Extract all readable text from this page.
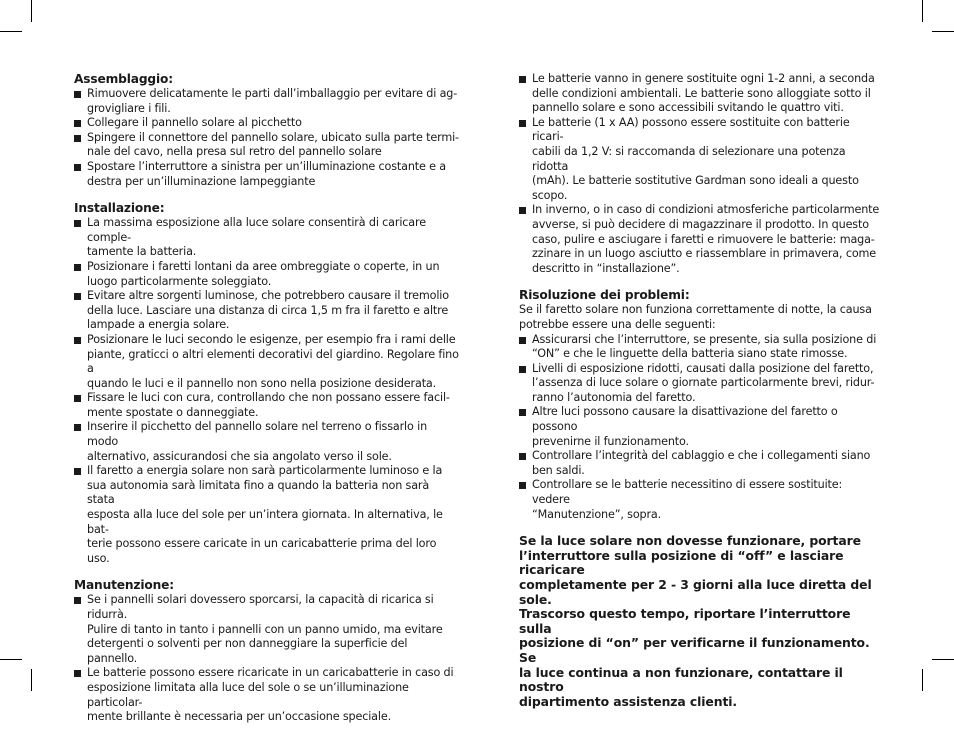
Assemblaggio:
Rimuovere delicatamente le parti dall’imballaggio per evitare di ag-
grovigliare i fili.
Collegare il pannello solare al picchetto
Spingere il connettore del pannello solare, ubicato sulla parte termi-
nale del cavo, nella presa sul retro del pannello solare
Spostare l’interruttore a sinistra per un’illuminazione costante e a
destra per un’illuminazione lampeggiante
Installazione:
La massima esposizione alla luce solare consentirà di caricare comple-
tamente la batteria.
Posizionare i faretti lontani da aree ombreggiate o coperte, in un
luogo particolarmente soleggiato.
Evitare altre sorgenti luminose, che potrebbero causare il tremolio
della luce. Lasciare una distanza di circa 1,5 m fra il faretto e altre
lampade a energia solare.
Posizionare le luci secondo le esigenze, per esempio fra i rami delle
piante, graticci o altri elementi decorativi del giardino. Regolare fino a
quando le luci e il pannello non sono nella posizione desiderata.
Fissare le luci con cura, controllando che non possano essere facil-
mente spostate o danneggiate.
Inserire il picchetto del pannello solare nel terreno o fissarlo in modo
alternativo, assicurandosi che sia angolato verso il sole.
Il faretto a energia solare non sarà particolarmente luminoso e la
sua autonomia sarà limitata fino a quando la batteria non sarà stata
esposta alla luce del sole per un’intera giornata. In alternativa, le bat-
terie possono essere caricate in un caricabatterie prima del loro uso.
Manutenzione:
Se i pannelli solari dovessero sporcarsi, la capacità di ricarica si ridurrà.
Pulire di tanto in tanto i pannelli con un panno umido, ma evitare
detergenti o solventi per non danneggiare la superficie del pannello.
Le batterie possono essere ricaricate in un caricabatterie in caso di
esposizione limitata alla luce del sole o se un’illuminazione particolar-
mente brillante è necessaria per un’occasione speciale.
Le batterie vanno in genere sostituite ogni 1-2 anni, a seconda
delle condizioni ambientali. Le batterie sono alloggiate sotto il
pannello solare e sono accessibili svitando le quattro viti.
Le batterie (1 x AA) possono essere sostituite con batterie ricari-
cabili da 1,2 V: si raccomanda di selezionare una potenza ridotta
(mAh). Le batterie sostitutive Gardman sono ideali a questo
scopo.
In inverno, o in caso di condizioni atmosferiche particolarmente
avverse, si può decidere di magazzinare il prodotto. In questo
caso, pulire e asciugare i faretti e rimuovere le batterie: maga-
zzinare in un luogo asciutto e riassemblare in primavera, come
descritto in “installazione”.
Risoluzione dei problemi:

Se il faretto solare non funziona correttamente di notte, la causa
potrebbe essere una delle seguenti:

Assicurarsi che l’interruttore, se presente, sia sulla posizione di
“ON” e che le linguette della batteria siano state rimosse.
Livelli di esposizione ridotti, causati dalla posizione del faretto,
l’assenza di luce solare o giornate particolarmente brevi, ridur-
ranno l’autonomia del faretto.
Altre luci possono causare la disattivazione del faretto o possono
prevenirne il funzionamento.
Controllare l’integrità del cablaggio e che i collegamenti siano
ben saldi.
Controllare se le batterie necessitino di essere sostituite: vedere
“Manutenzione”, sopra.

Se la luce solare non dovesse funzionare, portare
l’interruttore sulla posizione di “off” e lasciare ricaricare
completamente per 2 - 3 giorni alla luce diretta del sole.
Trascorso questo tempo, riportare l’interruttore sulla
posizione di “on” per verificarne il funzionamento. Se
la luce continua a non funzionare, contattare il nostro
dipartimento assistenza clienti.
